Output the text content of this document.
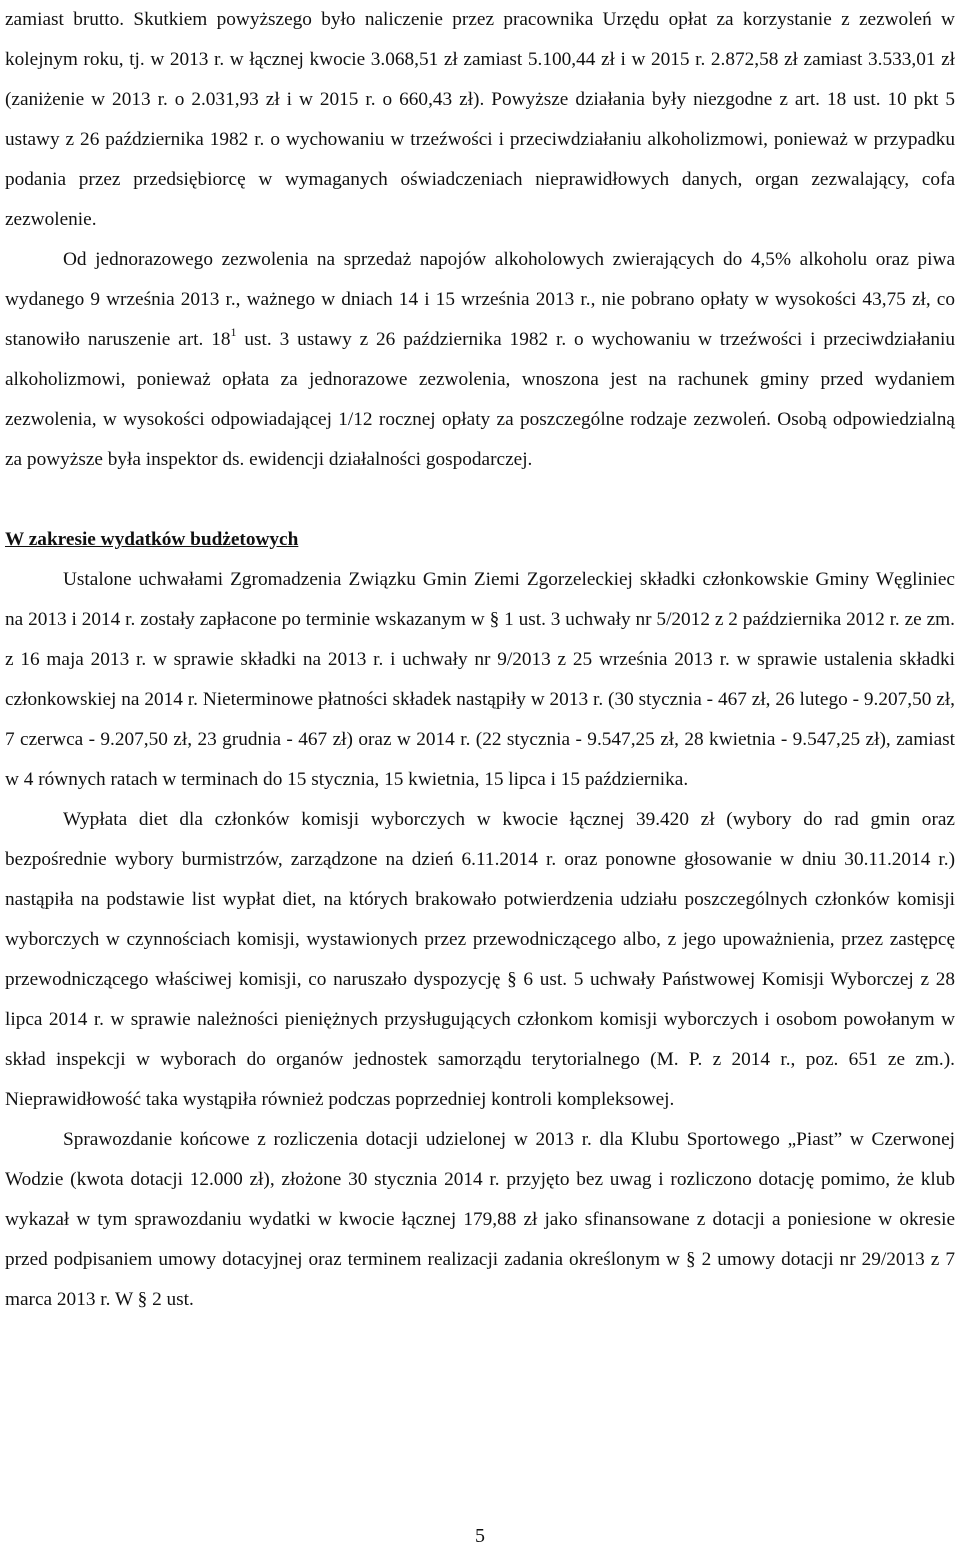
zamiast brutto. Skutkiem powyższego było naliczenie przez pracownika Urzędu opłat za korzystanie z zezwoleń w kolejnym roku, tj. w 2013 r. w łącznej kwocie 3.068,51 zł zamiast 5.100,44 zł i w 2015 r. 2.872,58 zł zamiast 3.533,01 zł (zaniżenie w 2013 r. o 2.031,93 zł i w 2015 r. o 660,43 zł). Powyższe działania były niezgodne z art. 18 ust. 10 pkt 5 ustawy z 26 października 1982 r. o wychowaniu w trzeźwości i przeciwdziałaniu alkoholizmowi, ponieważ w przypadku podania przez przedsiębiorcę w wymaganych oświadczeniach nieprawidłowych danych, organ zezwalający, cofa zezwolenie.

Od jednorazowego zezwolenia na sprzedaż napojów alkoholowych zwierających do 4,5% alkoholu oraz piwa wydanego 9 września 2013 r., ważnego w dniach 14 i 15 września 2013 r., nie pobrano opłaty w wysokości 43,75 zł, co stanowiło naruszenie art. $18^1$ ust. 3 ustawy z 26 października 1982 r. o wychowaniu w trzeźwości i przeciwdziałaniu alkoholizmowi, ponieważ opłata za jednorazowe zezwolenia, wnoszona jest na rachunek gminy przed wydaniem zezwolenia, w wysokości odpowiadającej 1/12 rocznej opłaty za poszczególne rodzaje zezwoleń. Osobą odpowiedzialną za powyższe była inspektor ds. ewidencji działalności gospodarczej.

W zakresie wydatków budżetowych

Ustalone uchwałami Zgromadzenia Związku Gmin Ziemi Zgorzeleckiej składki członkowskie Gminy Węgliniec na 2013 i 2014 r. zostały zapłacone po terminie wskazanym w § 1 ust. 3 uchwały nr 5/2012 z 2 października 2012 r. ze zm. z 16 maja 2013 r. w sprawie składki na 2013 r. i uchwały nr 9/2013 z 25 września 2013 r. w sprawie ustalenia składki członkowskiej na 2014 r. Nieterminowe płatności składek nastąpiły w 2013 r. (30 stycznia - 467 zł, 26 lutego - 9.207,50 zł, 7 czerwca - 9.207,50 zł, 23 grudnia - 467 zł) oraz w 2014 r. (22 stycznia - 9.547,25 zł, 28 kwietnia - 9.547,25 zł), zamiast w 4 równych ratach w terminach do 15 stycznia, 15 kwietnia, 15 lipca i 15 października.

Wypłata diet dla członków komisji wyborczych w kwocie łącznej 39.420 zł (wybory do rad gmin oraz bezpośrednie wybory burmistrzów, zarządzone na dzień 6.11.2014 r. oraz ponowne głosowanie w dniu 30.11.2014 r.) nastąpiła na podstawie list wypłat diet, na których brakowało potwierdzenia udziału poszczególnych członków komisji wyborczych w czynnościach komisji, wystawionych przez przewodniczącego albo, z jego upoważnienia, przez zastępcę przewodniczącego właściwej komisji, co naruszało dyspozycję § 6 ust. 5 uchwały Państwowej Komisji Wyborczej z 28 lipca 2014 r. w sprawie należności pieniężnych przysługujących członkom komisji wyborczych i osobom powołanym w skład inspekcji w wyborach do organów jednostek samorządu terytorialnego (M. P. z 2014 r., poz. 651 ze zm.). Nieprawidłowość taka wystąpiła również podczas poprzedniej kontroli kompleksowej.

Sprawozdanie końcowe z rozliczenia dotacji udzielonej w 2013 r. dla Klubu Sportowego „Piast” w Czerwonej Wodzie (kwota dotacji 12.000 zł), złożone 30 stycznia 2014 r. przyjęto bez uwag i rozliczono dotację pomimo, że klub wykazał w tym sprawozdaniu wydatki w kwocie łącznej 179,88 zł jako sfinansowane z dotacji a poniesione w okresie przed podpisaniem umowy dotacyjnej oraz terminem realizacji zadania określonym w § 2 umowy dotacji nr 29/2013 z 7 marca 2013 r. W § 2 ust.

5
